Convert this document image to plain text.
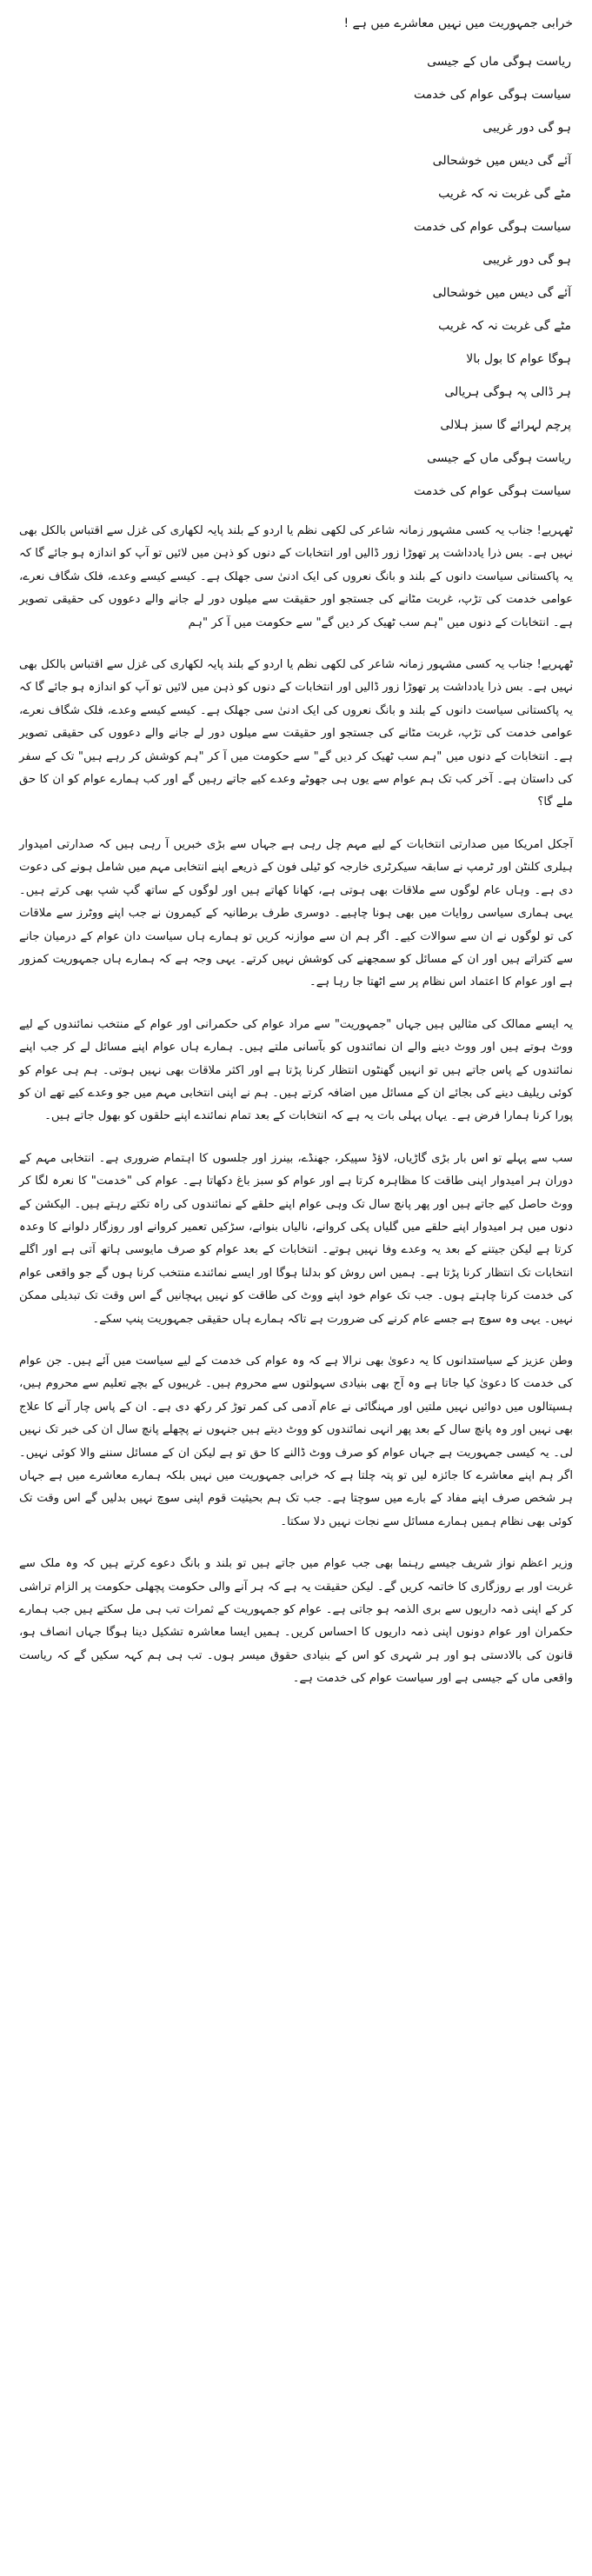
خرابی جمہوریت میں نہیں معاشرے میں ہے !

ریاست ہوگی ماں کے جیسی

سیاست ہوگی عوام کی خدمت

ہو گی دور غریبی

آئے گی دیس میں خوشحالی

مٹے گی غربت نہ کہ غریب

سیاست ہوگی عوام کی خدمت

ہو گی دور غریبی

آئے گی دیس میں خوشحالی

مٹے گی غربت نہ کہ غریب

ہوگا عوام کا بول بالا

ہر ڈالی پہ ہوگی ہریالی

پرچم لہرائے گا سبز ہلالی

ریاست ہوگی ماں کے جیسی

سیاست ہوگی عوام کی خدمت

ٹھہریے! جناب یہ کسی مشہور زمانہ شاعر کی لکھی نظم یا اردو کے بلند پایہ لکھاری کی غزل سے اقتباس بالکل بھی نہیں ہے۔ بس ذرا یادداشت پر تھوڑا زور ڈالیں اور انتخابات کے دنوں کو ذہن میں لائیں تو آپ کو اندازہ ہو جائے گا کہ یہ پاکستانی سیاست دانوں کے بلند و بانگ نعروں کی ایک ادنیٰ سی جھلک ہے۔ کیسے کیسے وعدے، فلک شگاف نعرے، عوامی خدمت کی تڑپ، غربت مٹانے کی جستجو اور حقیقت سے میلوں دور لے جانے والے دعووں کی حقیقی تصویر ہے۔ انتخابات کے دنوں میں "ہم سب ٹھیک کر دیں گے" سے حکومت میں آ کر "ہم

ٹھہریے! جناب یہ کسی مشہور زمانہ شاعر کی لکھی نظم یا اردو کے بلند پایہ لکھاری کی غزل سے اقتباس بالکل بھی نہیں ہے۔ بس ذرا یادداشت پر تھوڑا زور ڈالیں اور انتخابات کے دنوں کو ذہن میں لائیں تو آپ کو اندازہ ہو جائے گا کہ یہ پاکستانی سیاست دانوں کے بلند و بانگ نعروں کی ایک ادنیٰ سی جھلک ہے۔ کیسے کیسے وعدے، فلک شگاف نعرے، عوامی خدمت کی تڑپ، غربت مٹانے کی جستجو اور حقیقت سے میلوں دور لے جانے والے دعووں کی حقیقی تصویر ہے۔ انتخابات کے دنوں میں "ہم سب ٹھیک کر دیں گے" سے حکومت میں آ کر "ہم کوشش کر رہے ہیں" تک کے سفر کی داستان ہے۔ آخر کب تک ہم عوام سے یوں ہی جھوٹے وعدے کیے جاتے رہیں گے اور کب ہمارے عوام کو ان کا حق ملے گا؟

آجکل امریکا میں صدارتی انتخابات کے لیے مہم چل رہی ہے جہاں سے بڑی خبریں آ رہی ہیں کہ صدارتی امیدوار ہیلری کلنٹن اور ٹرمپ نے سابقہ سیکرٹری خارجہ کو ٹیلی فون کے ذریعے اپنے انتخابی مہم میں شامل ہونے کی دعوت دی ہے۔ وہاں عام لوگوں سے ملاقات بھی ہوتی ہے، کھانا کھاتے ہیں اور لوگوں کے ساتھ گپ شپ بھی کرتے ہیں۔ یہی ہماری سیاسی روایات میں بھی ہونا چاہیے۔ دوسری طرف برطانیہ کے کیمرون نے جب اپنے ووٹرز سے ملاقات کی تو لوگوں نے ان سے سوالات کیے۔ اگر ہم ان سے موازنہ کریں تو ہمارے ہاں سیاست دان عوام کے درمیان جانے سے کتراتے ہیں اور ان کے مسائل کو سمجھنے کی کوشش نہیں کرتے۔ یہی وجہ ہے کہ ہمارے ہاں جمہوریت کمزور ہے اور عوام کا اعتماد اس نظام پر سے اٹھتا جا رہا ہے۔

یہ ایسے ممالک کی مثالیں ہیں جہاں "جمہوریت" سے مراد عوام کی حکمرانی اور عوام کے منتخب نمائندوں کے لیے ووٹ ہوتے ہیں اور ووٹ دینے والے ان نمائندوں کو بآسانی ملتے ہیں۔ ہمارے ہاں عوام اپنے مسائل لے کر جب اپنے نمائندوں کے پاس جاتے ہیں تو انہیں گھنٹوں انتظار کرنا پڑتا ہے اور اکثر ملاقات بھی نہیں ہوتی۔ ہم ہی عوام کو کوئی ریلیف دینے کی بجائے ان کے مسائل میں اضافہ کرتے ہیں۔ ہم نے اپنی انتخابی مہم میں جو وعدے کیے تھے ان کو پورا کرنا ہمارا فرض ہے۔ یہاں پہلی بات یہ ہے کہ انتخابات کے بعد تمام نمائندے اپنے حلقوں کو بھول جاتے ہیں۔

سب سے پہلے تو اس بار بڑی گاڑیاں، لاؤڈ سپیکر، جھنڈے، بینرز اور جلسوں کا اہتمام ضروری ہے۔ انتخابی مہم کے دوران ہر امیدوار اپنی طاقت کا مظاہرہ کرتا ہے اور عوام کو سبز باغ دکھاتا ہے۔ عوام کی "خدمت" کا نعرہ لگا کر ووٹ حاصل کیے جاتے ہیں اور پھر پانچ سال تک وہی عوام اپنے حلقے کے نمائندوں کی راہ تکتے رہتے ہیں۔ الیکشن کے دنوں میں ہر امیدوار اپنے حلقے میں گلیاں پکی کروانے، نالیاں بنوانے، سڑکیں تعمیر کروانے اور روزگار دلوانے کا وعدہ کرتا ہے لیکن جیتنے کے بعد یہ وعدے وفا نہیں ہوتے۔ انتخابات کے بعد عوام کو صرف مایوسی ہاتھ آتی ہے اور اگلے انتخابات تک انتظار کرنا پڑتا ہے۔ ہمیں اس روش کو بدلنا ہوگا اور ایسے نمائندے منتخب کرنا ہوں گے جو واقعی عوام کی خدمت کرنا چاہتے ہوں۔ جب تک عوام خود اپنے ووٹ کی طاقت کو نہیں پہچانیں گے اس وقت تک تبدیلی ممکن نہیں۔ یہی وہ سوچ ہے جسے عام کرنے کی ضرورت ہے تاکہ ہمارے ہاں حقیقی جمہوریت پنپ سکے۔

وطن عزیز کے سیاستدانوں کا یہ دعویٰ بھی نرالا ہے کہ وہ عوام کی خدمت کے لیے سیاست میں آئے ہیں۔ جن عوام کی خدمت کا دعویٰ کیا جاتا ہے وہ آج بھی بنیادی سہولتوں سے محروم ہیں۔ غریبوں کے بچے تعلیم سے محروم ہیں، ہسپتالوں میں دوائیں نہیں ملتیں اور مہنگائی نے عام آدمی کی کمر توڑ کر رکھ دی ہے۔ ان کے پاس چار آنے کا علاج بھی نہیں اور وہ پانچ سال کے بعد پھر انہی نمائندوں کو ووٹ دیتے ہیں جنہوں نے پچھلے پانچ سال ان کی خبر تک نہیں لی۔ یہ کیسی جمہوریت ہے جہاں عوام کو صرف ووٹ ڈالنے کا حق تو ہے لیکن ان کے مسائل سننے والا کوئی نہیں۔ اگر ہم اپنے معاشرے کا جائزہ لیں تو پتہ چلتا ہے کہ خرابی جمہوریت میں نہیں بلکہ ہمارے معاشرے میں ہے جہاں ہر شخص صرف اپنے مفاد کے بارے میں سوچتا ہے۔ جب تک ہم بحیثیت قوم اپنی سوچ نہیں بدلیں گے اس وقت تک کوئی بھی نظام ہمیں ہمارے مسائل سے نجات نہیں دلا سکتا۔

وزیر اعظم نواز شریف جیسے رہنما بھی جب عوام میں جاتے ہیں تو بلند و بانگ دعوے کرتے ہیں کہ وہ ملک سے غربت اور بے روزگاری کا خاتمہ کریں گے۔ لیکن حقیقت یہ ہے کہ ہر آنے والی حکومت پچھلی حکومت پر الزام تراشی کر کے اپنی ذمہ داریوں سے بری الذمہ ہو جاتی ہے۔ عوام کو جمہوریت کے ثمرات تب ہی مل سکتے ہیں جب ہمارے حکمران اور عوام دونوں اپنی ذمہ داریوں کا احساس کریں۔ ہمیں ایسا معاشرہ تشکیل دینا ہوگا جہاں انصاف ہو، قانون کی بالادستی ہو اور ہر شہری کو اس کے بنیادی حقوق میسر ہوں۔ تب ہی ہم کہہ سکیں گے کہ ریاست واقعی ماں کے جیسی ہے اور سیاست عوام کی خدمت ہے۔
